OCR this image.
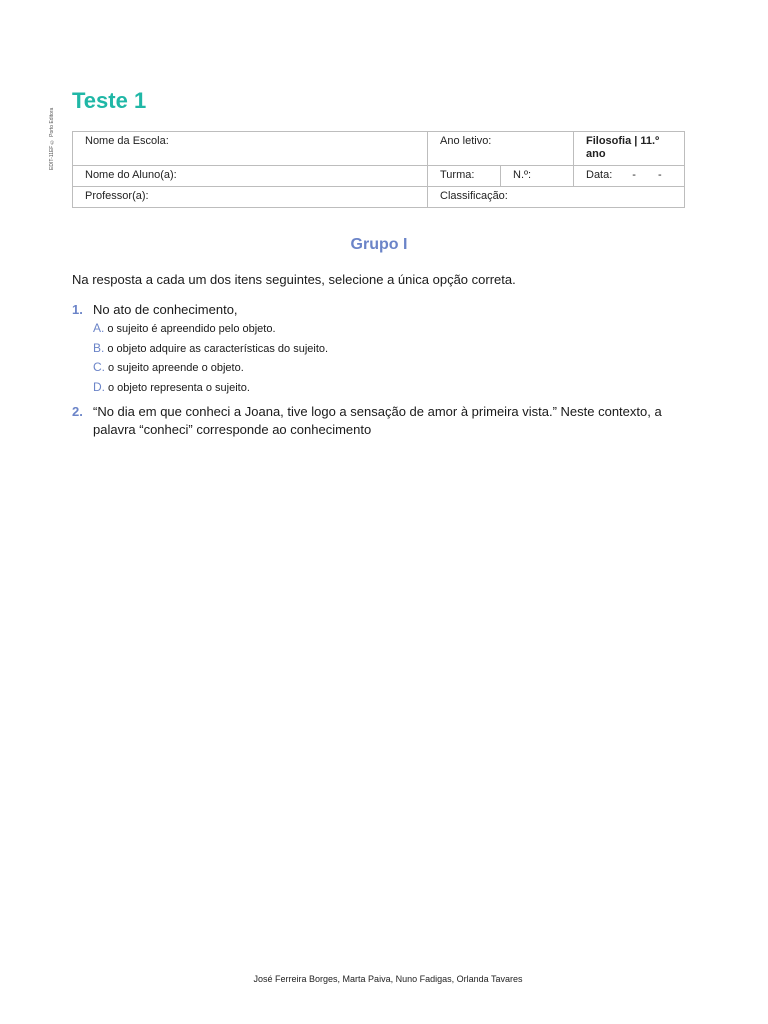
EDIT-11EF © Porto Editora
Teste 1
Nome da Escola:	Ano letivo:		Filosofia | 11.º ano
Nome do Aluno(a):	Turma:	N.º:	Data: - -
Professor(a):	Classificação:		
Grupo I

Na resposta a cada um dos itens seguintes, selecione a única opção correta.

1. No ato de conhecimento,
A. o sujeito é apreendido pelo objeto.
B. o objeto adquire as características do sujeito.
C. o sujeito apreende o objeto.
D. o objeto representa o sujeito.
2. “No dia em que conheci a Joana, tive logo a sensação de amor à primeira vista.” Neste contexto, a palavra “conheci” corresponde ao conhecimento

José Ferreira Borges, Marta Paiva, Nuno Fadigas, Orlanda Tavares
